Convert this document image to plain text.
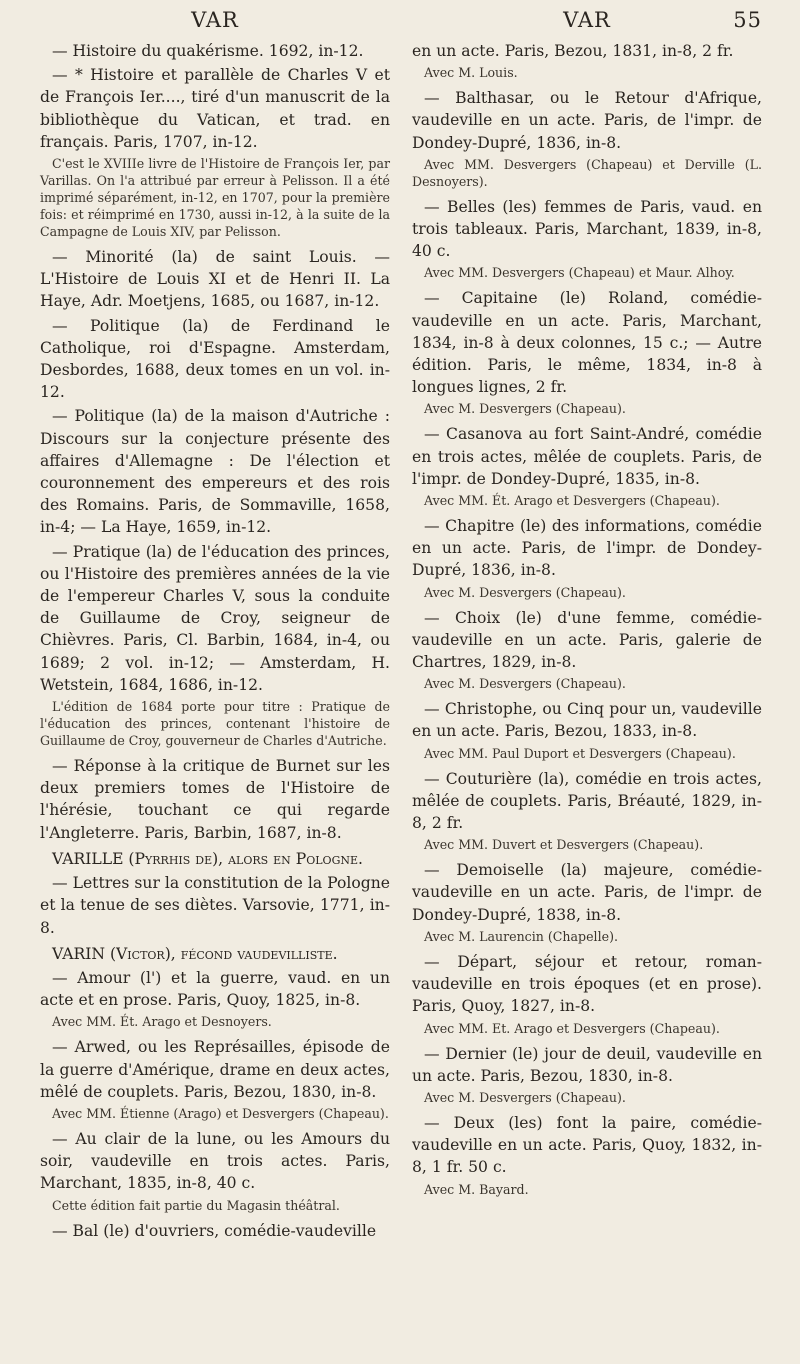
VAR	VAR	55

— Histoire du quakérisme. 1692, in-12.

— * Histoire et parallèle de Charles V et de François Ier...., tiré d'un manuscrit de la bibliothèque du Vatican, et trad. en français. Paris, 1707, in-12.

C'est le XVIIIe livre de l'Histoire de François Ier, par Varillas. On l'a attribué par erreur à Pelisson. Il a été imprimé séparément, in-12, en 1707, pour la première fois: et réimprimé en 1730, aussi in-12, à la suite de la Campagne de Louis XIV, par Pelisson.

— Minorité (la) de saint Louis. — L'Histoire de Louis XI et de Henri II. La Haye, Adr. Moetjens, 1685, ou 1687, in-12.

— Politique (la) de Ferdinand le Catholique, roi d'Espagne. Amsterdam, Desbordes, 1688, deux tomes en un vol. in-12.

— Politique (la) de la maison d'Autriche : Discours sur la conjecture présente des affaires d'Allemagne : De l'élection et couronnement des empereurs et des rois des Romains. Paris, de Sommaville, 1658, in-4; — La Haye, 1659, in-12.

— Pratique (la) de l'éducation des princes, ou l'Histoire des premières années de la vie de l'empereur Charles V, sous la conduite de Guillaume de Croy, seigneur de Chièvres. Paris, Cl. Barbin, 1684, in-4, ou 1689; 2 vol. in-12; — Amsterdam, H. Wetstein, 1684, 1686, in-12.

L'édition de 1684 porte pour titre : Pratique de l'éducation des princes, contenant l'histoire de Guillaume de Croy, gouverneur de Charles d'Autriche.

— Réponse à la critique de Burnet sur les deux premiers tomes de l'Histoire de l'hérésie, touchant ce qui regarde l'Angleterre. Paris, Barbin, 1687, in-8.

VARILLE (Pyrrhis de), alors en Pologne.

— Lettres sur la constitution de la Pologne et la tenue de ses diètes. Varsovie, 1771, in-8.

VARIN (Victor), fécond vaudevilliste.

— Amour (l') et la guerre, vaud. en un acte et en prose. Paris, Quoy, 1825, in-8.

Avec MM. Ét. Arago et Desnoyers.

— Arwed, ou les Représailles, épisode de la guerre d'Amérique, drame en deux actes, mêlé de couplets. Paris, Bezou, 1830, in-8.

Avec MM. Étienne (Arago) et Desvergers (Chapeau).

— Au clair de la lune, ou les Amours du soir, vaudeville en trois actes. Paris, Marchant, 1835, in-8, 40 c.

Cette édition fait partie du Magasin théâtral.

— Bal (le) d'ouvriers, comédie-vaudeville

en un acte. Paris, Bezou, 1831, in-8, 2 fr.

Avec M. Louis.

— Balthasar, ou le Retour d'Afrique, vaudeville en un acte. Paris, de l'impr. de Dondey-Dupré, 1836, in-8.

Avec MM. Desvergers (Chapeau) et Derville (L. Desnoyers).

— Belles (les) femmes de Paris, vaud. en trois tableaux. Paris, Marchant, 1839, in-8, 40 c.

Avec MM. Desvergers (Chapeau) et Maur. Alhoy.

— Capitaine (le) Roland, comédie-vaudeville en un acte. Paris, Marchant, 1834, in-8 à deux colonnes, 15 c.; — Autre édition. Paris, le même, 1834, in-8 à longues lignes, 2 fr.

Avec M. Desvergers (Chapeau).

— Casanova au fort Saint-André, comédie en trois actes, mêlée de couplets. Paris, de l'impr. de Dondey-Dupré, 1835, in-8.

Avec MM. Ét. Arago et Desvergers (Chapeau).

— Chapitre (le) des informations, comédie en un acte. Paris, de l'impr. de Dondey-Dupré, 1836, in-8.

Avec M. Desvergers (Chapeau).

— Choix (le) d'une femme, comédie-vaudeville en un acte. Paris, galerie de Chartres, 1829, in-8.

Avec M. Desvergers (Chapeau).

— Christophe, ou Cinq pour un, vaudeville en un acte. Paris, Bezou, 1833, in-8.

Avec MM. Paul Duport et Desvergers (Chapeau).

— Couturière (la), comédie en trois actes, mêlée de couplets. Paris, Bréauté, 1829, in-8, 2 fr.

Avec MM. Duvert et Desvergers (Chapeau).

— Demoiselle (la) majeure, comédie-vaudeville en un acte. Paris, de l'impr. de Dondey-Dupré, 1838, in-8.

Avec M. Laurencin (Chapelle).

— Départ, séjour et retour, roman-vaudeville en trois époques (et en prose). Paris, Quoy, 1827, in-8.

Avec MM. Et. Arago et Desvergers (Chapeau).

— Dernier (le) jour de deuil, vaudeville en un acte. Paris, Bezou, 1830, in-8.

Avec M. Desvergers (Chapeau).

— Deux (les) font la paire, comédie-vaudeville en un acte. Paris, Quoy, 1832, in-8, 1 fr. 50 c.

Avec M. Bayard.
